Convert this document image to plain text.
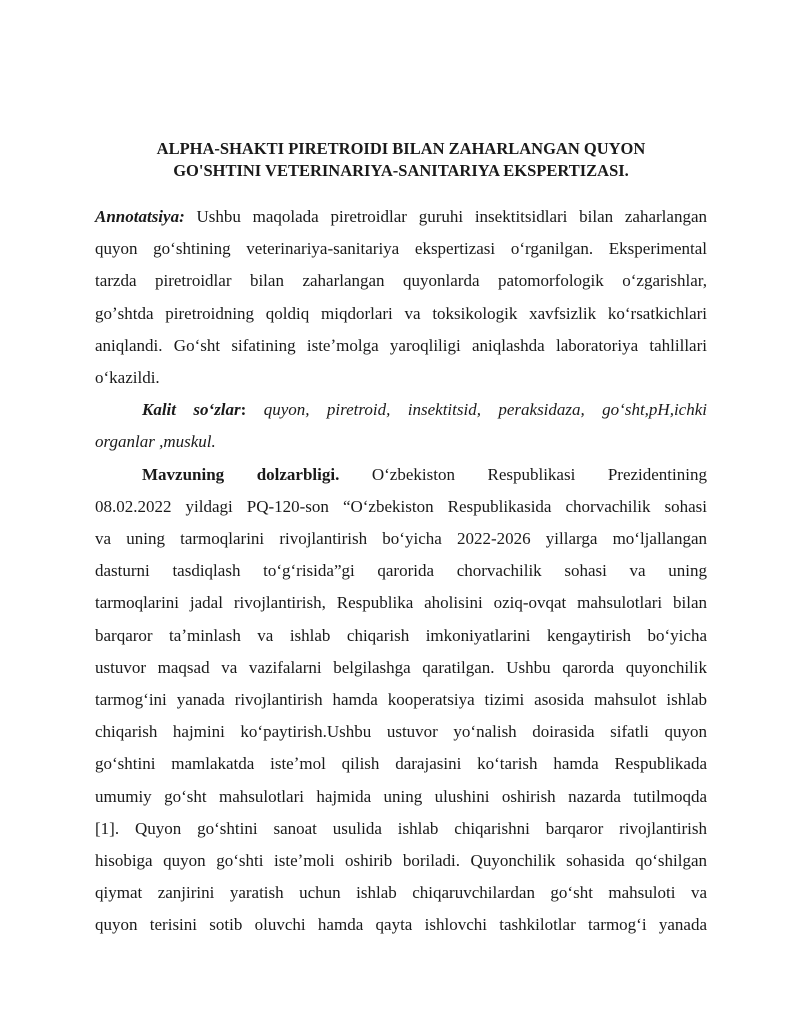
ALPHA-SHAKTI PIRETROIDI BILAN ZAHARLANGAN QUYON
GO'SHTINI VETERINARIYA-SANITARIYA EKSPERTIZASI.

Annotatsiya: Ushbu maqolada piretroidlar guruhi insektitsidlari bilan zaharlangan
quyon goʻshtining veterinariya-sanitariya ekspertizasi oʻrganilgan. Eksperimental
tarzda piretroidlar bilan zaharlangan quyonlarda patomorfologik oʻzgarishlar,
goʼshtda piretroidning qoldiq miqdorlari va toksikologik xavfsizlik koʻrsatkichlari
aniqlandi. Goʻsht sifatining isteʼmolga yaroqliligi aniqlashda laboratoriya tahlillari
oʻkazildi.

Kalit soʻzlar: quyon, piretroid, insektitsid, peraksidaza, goʻsht,pH,ichki
organlar ,muskul.

Mavzuning dolzarbligi. Oʻzbekiston Respublikasi Prezidentining
08.02.2022 yildagi PQ-120-son “Oʻzbekiston Respublikasida chorvachilik sohasi
va uning tarmoqlarini rivojlantirish boʻyicha 2022-2026 yillarga moʻljallangan
dasturni tasdiqlash toʻgʻrisida”gi qarorida chorvachilik sohasi va uning
tarmoqlarini jadal rivojlantirish, Respublika aholisini oziq-ovqat mahsulotlari bilan
barqaror taʼminlash va ishlab chiqarish imkoniyatlarini kengaytirish boʻyicha
ustuvor maqsad va vazifalarni belgilashga qaratilgan. Ushbu qarorda quyonchilik
tarmogʻini yanada rivojlantirish hamda kooperatsiya tizimi asosida mahsulot ishlab
chiqarish hajmini koʻpaytirish.Ushbu ustuvor yoʻnalish doirasida sifatli quyon
goʻshtini mamlakatda isteʼmol qilish darajasini koʻtarish hamda Respublikada
umumiy goʻsht mahsulotlari hajmida uning ulushini oshirish nazarda tutilmoqda
[1]. Quyon goʻshtini sanoat usulida ishlab chiqarishni barqaror rivojlantirish
hisobiga quyon goʻshti isteʼmoli oshirib boriladi. Quyonchilik sohasida qoʻshilgan
qiymat zanjirini yaratish uchun ishlab chiqaruvchilardan goʻsht mahsuloti va
quyon terisini sotib oluvchi hamda qayta ishlovchi tashkilotlar tarmogʻi yanada
